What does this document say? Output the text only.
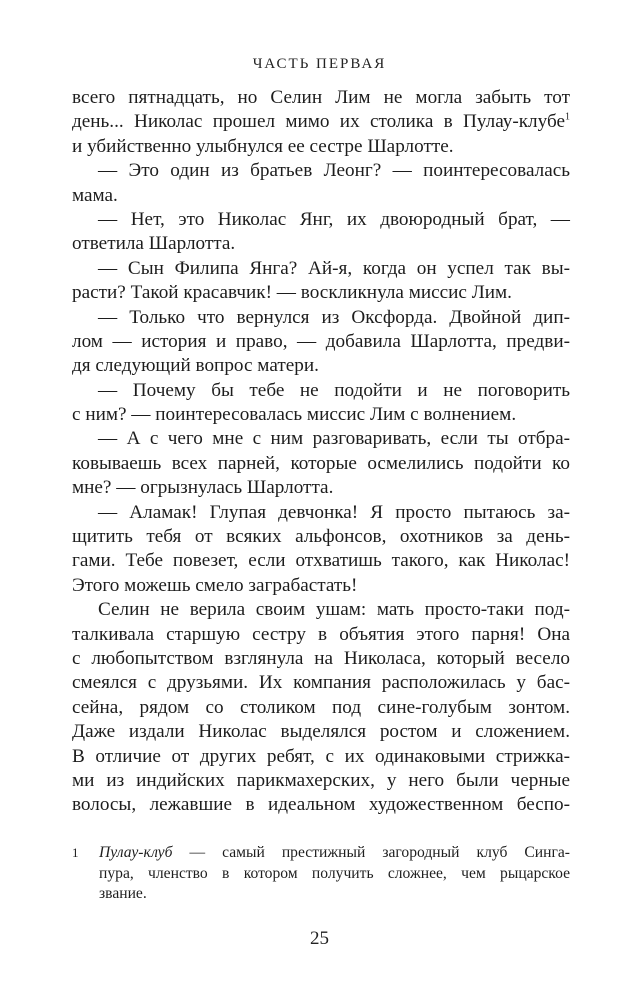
ЧАСТЬ ПЕРВАЯ
всего пятнадцать, но Селин Лим не могла забыть тот
день... Николас прошел мимо их столика в Пулау-клубе$^1$
и убийственно улыбнулся ее сестре Шарлотте.
— Это один из братьев Леонг? — поинтересовалась
мама.
— Нет, это Николас Янг, их двоюродный брат, —
ответила Шарлотта.
— Сын Филипа Янга? Ай-я, когда он успел так вы-
расти? Такой красавчик! — воскликнула миссис Лим.
— Только что вернулся из Оксфорда. Двойной дип-
лом — история и право, — добавила Шарлотта, предви-
дя следующий вопрос матери.
— Почему бы тебе не подойти и не поговорить
с ним? — поинтересовалась миссис Лим с волнением.
— А с чего мне с ним разговаривать, если ты отбра-
ковываешь всех парней, которые осмелились подойти ко
мне? — огрызнулась Шарлотта.
— Аламак! Глупая девчонка! Я просто пытаюсь за-
щитить тебя от всяких альфонсов, охотников за день-
гами. Тебе повезет, если отхватишь такого, как Николас!
Этого можешь смело заграбастать!
Селин не верила своим ушам: мать просто-таки под-
талкивала старшую сестру в объятия этого парня! Она
с любопытством взглянула на Николаса, который весело
смеялся с друзьями. Их компания расположилась у бас-
сейна, рядом со столиком под сине-голубым зонтом.
Даже издали Николас выделялся ростом и сложением.
В отличие от других ребят, с их одинаковыми стрижка-
ми из индийских парикмахерских, у него были черные
волосы, лежавшие в идеальном художественном беспо-
1 Пулау-клуб — самый престижный загородный клуб Синга-
пура, членство в котором получить сложнее, чем рыцарское
звание.
25
